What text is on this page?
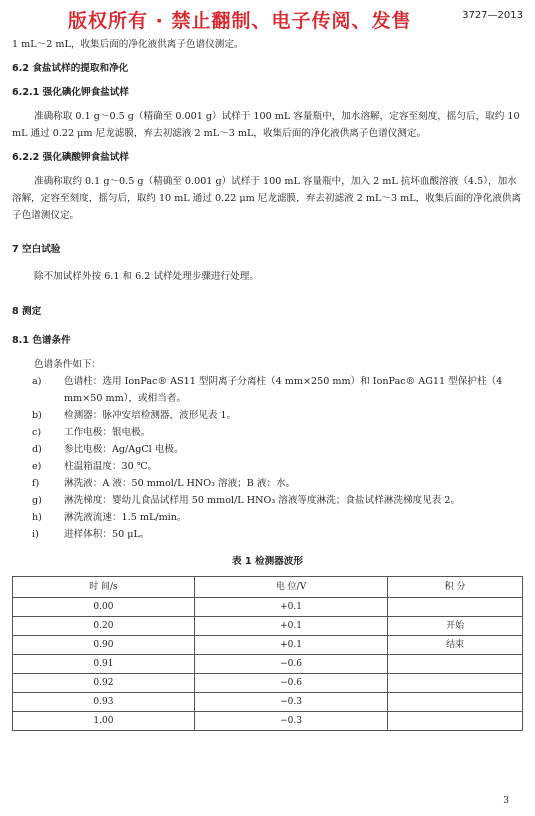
版权所有 · 禁止翻制、电子传阅、发售	3727—2013

1 mL～2 mL，收集后面的净化液供离子色谱仪测定。

6.2 食盐试样的提取和净化

6.2.1 强化碘化钾食盐试样

准确称取 0.1 g～0.5 g（精确至 0.001 g）试样于 100 mL 容量瓶中，加水溶解，定容至刻度，摇匀后，取约 10 mL 通过 0.22 μm 尼龙滤膜，弃去初滤液 2 mL～3 mL，收集后面的净化液供离子色谱仪测定。

6.2.2 强化碘酸钾食盐试样

准确称取约 0.1 g～0.5 g（精确至 0.001 g）试样于 100 mL 容量瓶中，加入 2 mL 抗坏血酸溶液（4.5），加水溶解，定容至刻度，摇匀后，取约 10 mL 通过 0.22 μm 尼龙滤膜，弃去初滤液 2 mL～3 mL，收集后面的净化液供离子色谱测仪定。

7 空白试验

除不加试样外按 6.1 和 6.2 试样处理步骤进行处理。

8 测定

8.1 色谱条件

色谱条件如下：

a) 色谱柱：选用 IonPac® AS11 型阴离子分离柱（4 mm×250 mm）和 IonPac® AG11 型保护柱（4 mm×50 mm），或相当者。
b) 检测器：脉冲安培检测器，波形见表 1。
c) 工作电极：银电极。
d) 参比电极：Ag/AgCl 电极。
e) 柱温箱温度：30 ℃。
f)	淋洗液：A 液：50 mmol/L HNO₃ 溶液；B 液：水。
g) 淋洗梯度：婴幼儿食品试样用 50 mmol/L HNO₃ 溶液等度淋洗；食盐试样淋洗梯度见表 2。
h) 淋洗液流速：1.5 mL/min。
i)	进样体积：50 μL。

表 1 检测器波形

时 间/s	电 位/V	积 分
0.00	+0.1	
0.20	+0.1	开始
0.90	+0.1	结束
0.91	−0.6	
0.92	−0.6	
0.93	−0.3	
1.00	−0.3	
3
